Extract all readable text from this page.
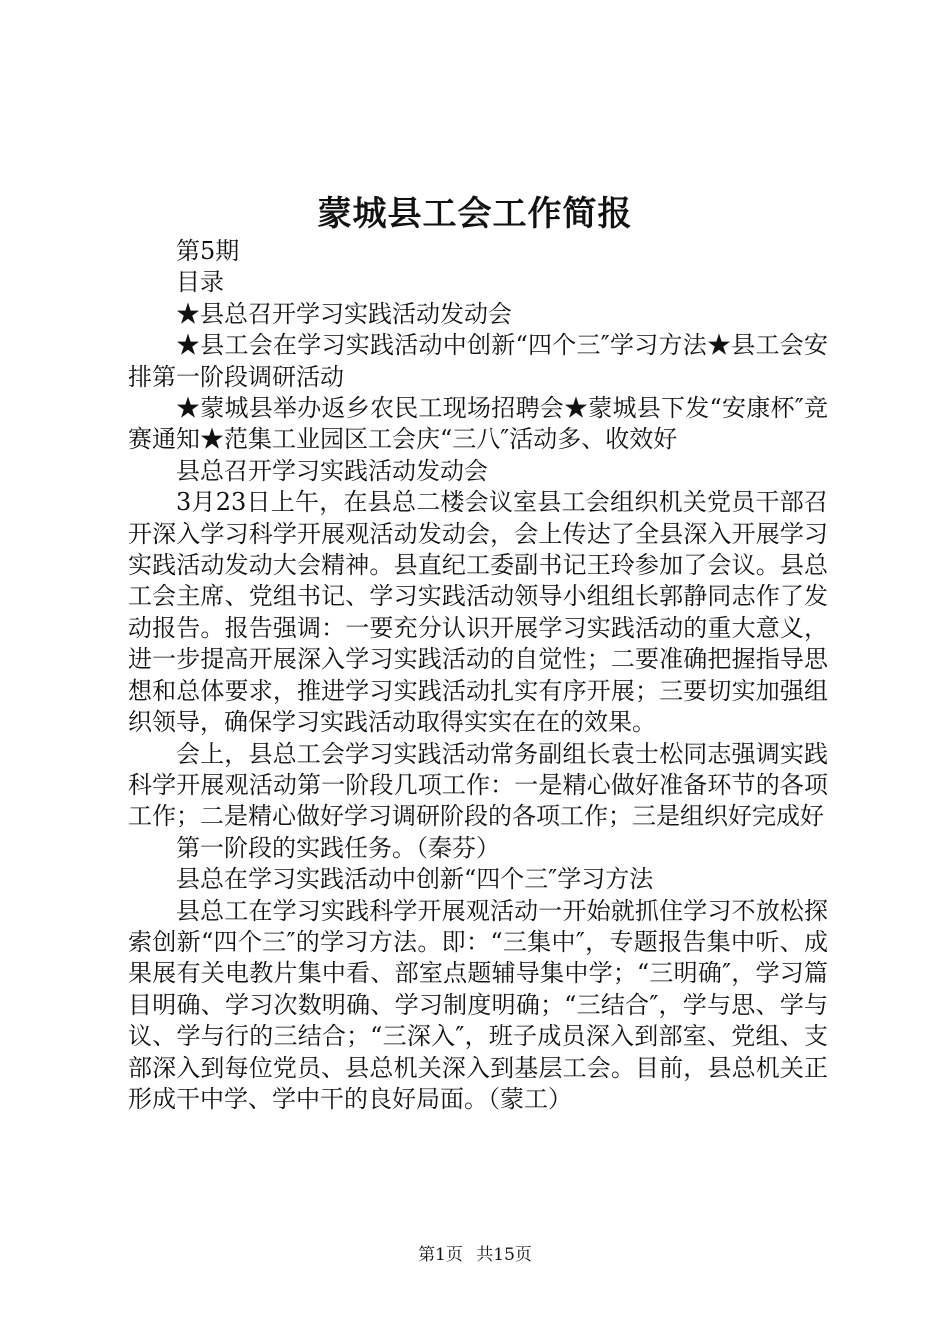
蒙城县工会工作简报

第5期

目录

★县总召开学习实践活动发动会

★县工会在学习实践活动中创新“四个三″学习方法★县工会安排第一阶段调研活动

★蒙城县举办返乡农民工现场招聘会★蒙城县下发“安康杯″竞赛通知★范集工业园区工会庆“三八″活动多、收效好

县总召开学习实践活动发动会

3月23日上午，在县总二楼会议室县工会组织机关党员干部召开深入学习科学开展观活动发动会，会上传达了全县深入开展学习实践活动发动大会精神。县直纪工委副书记王玲参加了会议。县总工会主席、党组书记、学习实践活动领导小组组长郭静同志作了发动报告。报告强调：一要充分认识开展学习实践活动的重大意义，进一步提高开展深入学习实践活动的自觉性；二要准确把握指导思想和总体要求，推进学习实践活动扎实有序开展；三要切实加强组织领导，确保学习实践活动取得实实在在的效果。

会上，县总工会学习实践活动常务副组长袁士松同志强调实践科学开展观活动第一阶段几项工作：一是精心做好准备环节的各项工作；二是精心做好学习调研阶段的各项工作；三是组织好完成好

第一阶段的实践任务。（秦芬）

县总在学习实践活动中创新“四个三″学习方法

县总工在学习实践科学开展观活动一开始就抓住学习不放松探索创新“四个三″的学习方法。即：“三集中″，专题报告集中听、成果展有关电教片集中看、部室点题辅导集中学；“三明确″，学习篇目明确、学习次数明确、学习制度明确；“三结合″，学与思、学与议、学与行的三结合；“三深入″，班子成员深入到部室、党组、支部深入到每位党员、县总机关深入到基层工会。目前，县总机关正形成干中学、学中干的良好局面。（蒙工）

第1页 共15页
